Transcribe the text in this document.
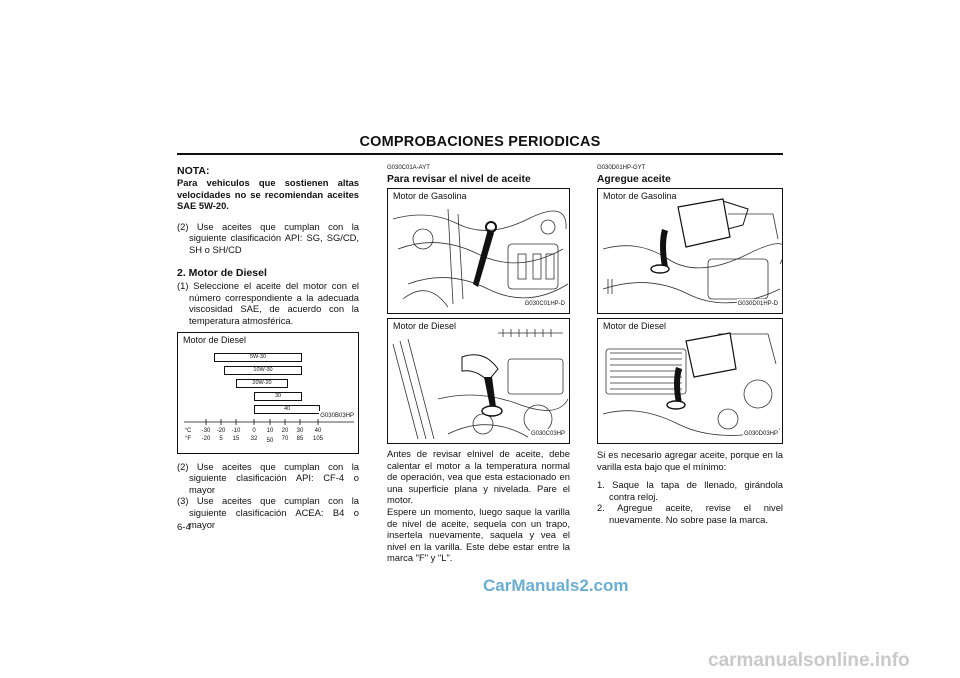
COMPROBACIONES PERIODICAS
NOTA:
Para vehiculos que sostienen altas velocidades no se recomiendan aceites SAE 5W-20.
(2) Use aceites que cumplan con la siguiente clasificación API: SG, SG/CD, SH o SH/CD
2. Motor de Diesel
(1) Seleccione el aceite del motor con el número correspondiente a la adecuada viscosidad SAE, de acuerdo con la temperatura atmosférica.
Motor de Diesel
5W-30
10W-30
20W-20
30
40
G030B03HP
°C
°F
-30	-20	-10	0	10	20	30	40
-20	5	15	32	50	70	85	105
(2) Use aceites que cumplan con la siguiente clasificación API: CF-4 o mayor
(3) Use aceites que cumplan con la siguiente clasificación ACEA: B4 o mayor
G030C01A-AYT
Para revisar el nivel de aceite
Motor de Gasolina
G030C01HP-D
Motor de Diesel
G030C03HP
Antes de revisar elnivel de aceite, debe calentar el motor a la temperatura normal de operación, vea que esta estacionado en una superficie plana y nivelada. Pare el motor.
Espere un momento, luego saque la varilla de nivel de aceite, sequela con un trapo, insertela nuevamente, saquela y vea el nivel en la varilla. Este debe estar entre la marca "F" y "L".
G030D01HP-GYT
Agregue aceite
Motor de Gasolina
G030D01HP-D
Motor de Diesel
G030D03HP
Si es necesario agregar aceite, porque en la varilla esta bajo que el mínimo:
1. Saque la tapa de llenado, girándola contra reloj.
2. Agregue aceite, revise el nivel nuevamente. No sobre pase la marca.
6-4
CarManuals2.com
carmanualsonline.info
